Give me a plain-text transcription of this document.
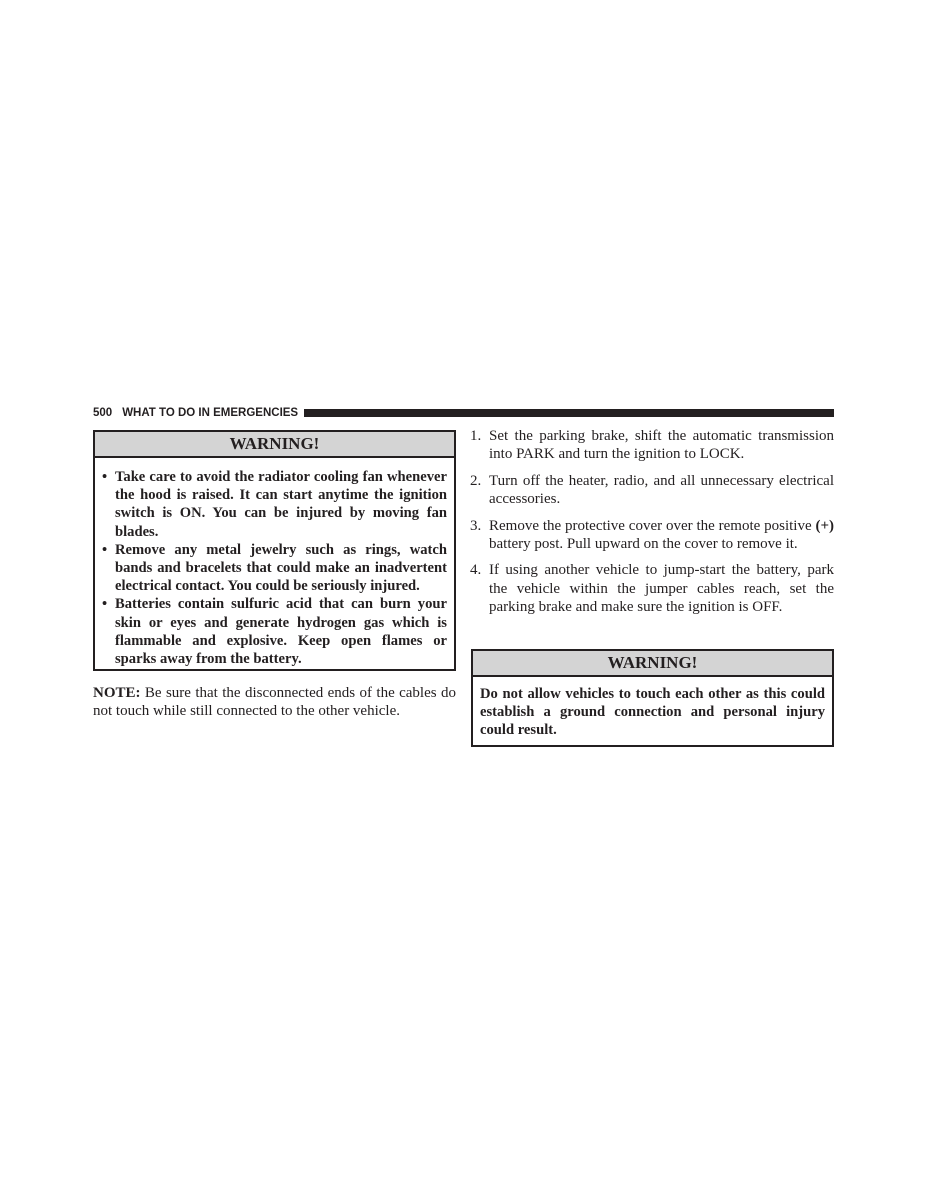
500 WHAT TO DO IN EMERGENCIES
WARNING!
• Take care to avoid the radiator cooling fan whenever the hood is raised. It can start anytime the ignition switch is ON. You can be injured by moving fan blades.
• Remove any metal jewelry such as rings, watch bands and bracelets that could make an inadvertent electrical contact. You could be seriously injured.
• Batteries contain sulfuric acid that can burn your skin or eyes and generate hydrogen gas which is flammable and explosive. Keep open flames or sparks away from the battery.
NOTE: Be sure that the disconnected ends of the cables do not touch while still connected to the other vehicle.
1. Set the parking brake, shift the automatic transmission into PARK and turn the ignition to LOCK.
2. Turn off the heater, radio, and all unnecessary electrical accessories.
3. Remove the protective cover over the remote positive (+) battery post. Pull upward on the cover to remove it.
4. If using another vehicle to jump-start the battery, park the vehicle within the jumper cables reach, set the parking brake and make sure the ignition is OFF.
WARNING!
Do not allow vehicles to touch each other as this could establish a ground connection and personal injury could result.
